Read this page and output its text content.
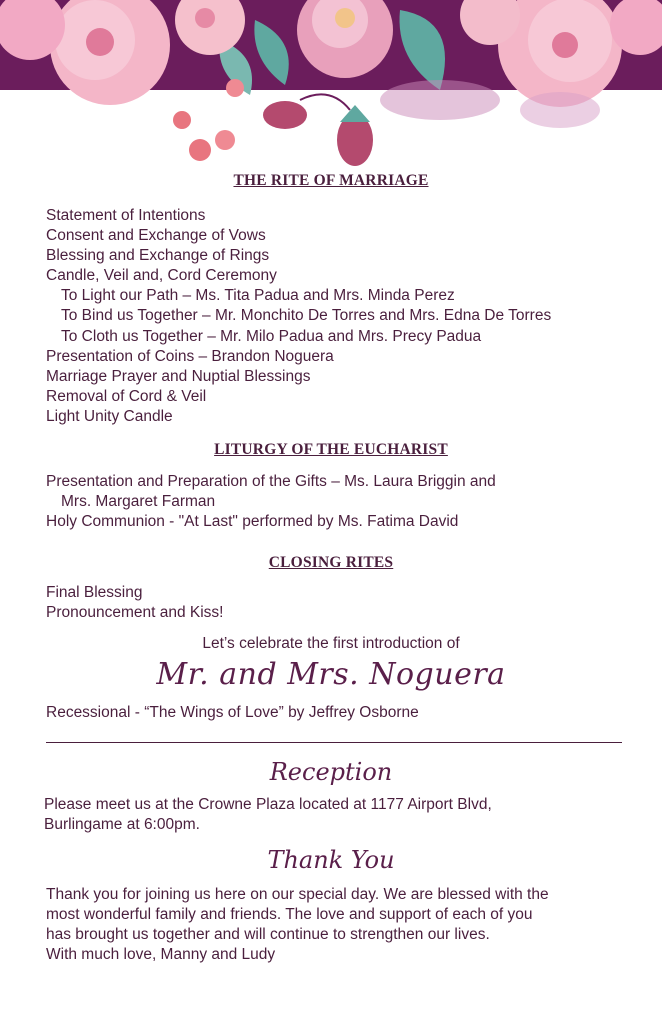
THE RITE OF MARRIAGE
Statement of Intentions
Consent and Exchange of Vows
Blessing and Exchange of Rings
Candle, Veil and, Cord Ceremony
To Light our Path – Ms. Tita Padua and Mrs. Minda Perez
To Bind us Together – Mr. Monchito De Torres and Mrs. Edna De Torres
To Cloth us Together – Mr. Milo Padua and Mrs. Precy Padua
Presentation of Coins – Brandon Noguera
Marriage Prayer and Nuptial Blessings
Removal of Cord & Veil
Light Unity Candle
LITURGY OF THE EUCHARIST
Presentation and Preparation of the Gifts – Ms. Laura Briggin and
Mrs. Margaret Farman
Holy Communion - "At Last" performed by Ms. Fatima David
CLOSING RITES
Final Blessing
Pronouncement and Kiss!
Let’s celebrate the first introduction of
Mr. and Mrs. Noguera
Recessional - “The Wings of Love” by Jeffrey Osborne
Reception
Please meet us at the Crowne Plaza located at 1177 Airport Blvd,
Burlingame at 6:00pm.
Thank You
Thank you for joining us here on our special day. We are blessed with the
most wonderful family and friends. The love and support of each of you
has brought us together and will continue to strengthen our lives.
With much love, Manny and Ludy
